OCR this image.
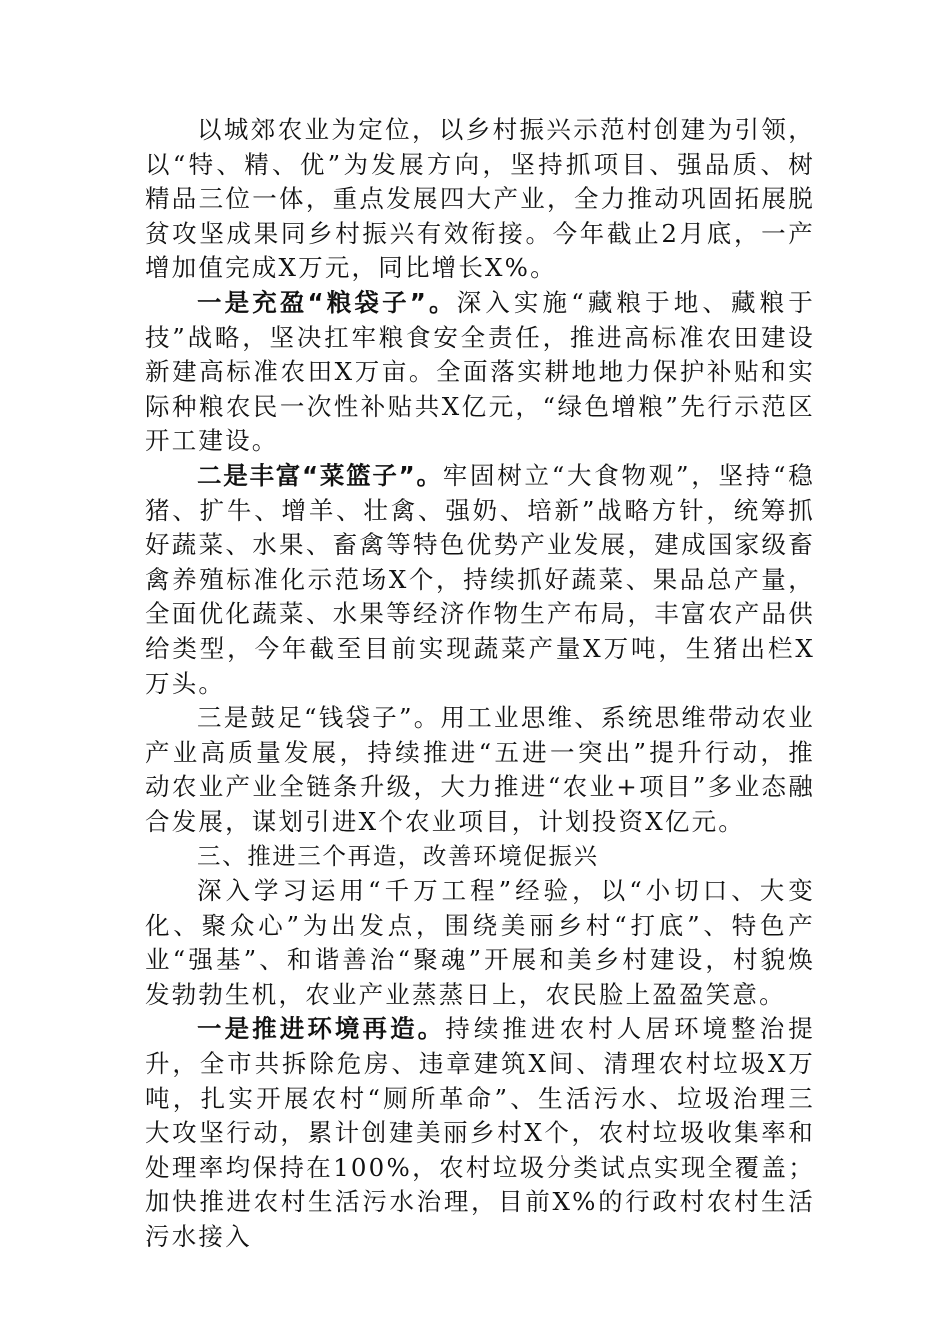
以城郊农业为定位，以乡村振兴示范村创建为引领，以“特、精、优”为发展方向，坚持抓项目、强品质、树精品三位一体，重点发展四大产业，全力推动巩固拓展脱贫攻坚成果同乡村振兴有效衔接。今年截止2月底，一产增加值完成X万元，同比增长X%。

一是充盈“粮袋子”。深入实施“藏粮于地、藏粮于技”战略，坚决扛牢粮食安全责任，推进高标准农田建设新建高标准农田X万亩。全面落实耕地地力保护补贴和实际种粮农民一次性补贴共X亿元，“绿色增粮”先行示范区开工建设。

二是丰富“菜篮子”。牢固树立“大食物观”，坚持“稳猪、扩牛、增羊、壮禽、强奶、培新”战略方针，统筹抓好蔬菜、水果、畜禽等特色优势产业发展，建成国家级畜禽养殖标准化示范场X个，持续抓好蔬菜、果品总产量，全面优化蔬菜、水果等经济作物生产布局，丰富农产品供给类型，今年截至目前实现蔬菜产量X万吨，生猪出栏X万头。

三是鼓足“钱袋子”。用工业思维、系统思维带动农业产业高质量发展，持续推进“五进一突出”提升行动，推动农业产业全链条升级，大力推进“农业+项目”多业态融合发展，谋划引进X个农业项目，计划投资X亿元。

三、推进三个再造，改善环境促振兴

深入学习运用“千万工程”经验，以“小切口、大变化、聚众心”为出发点，围绕美丽乡村“打底”、特色产业“强基”、和谐善治“聚魂”开展和美乡村建设，村貌焕发勃勃生机，农业产业蒸蒸日上，农民脸上盈盈笑意。

一是推进环境再造。持续推进农村人居环境整治提升，全市共拆除危房、违章建筑X间、清理农村垃圾X万吨，扎实开展农村“厕所革命”、生活污水、垃圾治理三大攻坚行动，累计创建美丽乡村X个，农村垃圾收集率和处理率均保持在100%，农村垃圾分类试点实现全覆盖；加快推进农村生活污水治理，目前X%的行政村农村生活污水接入
